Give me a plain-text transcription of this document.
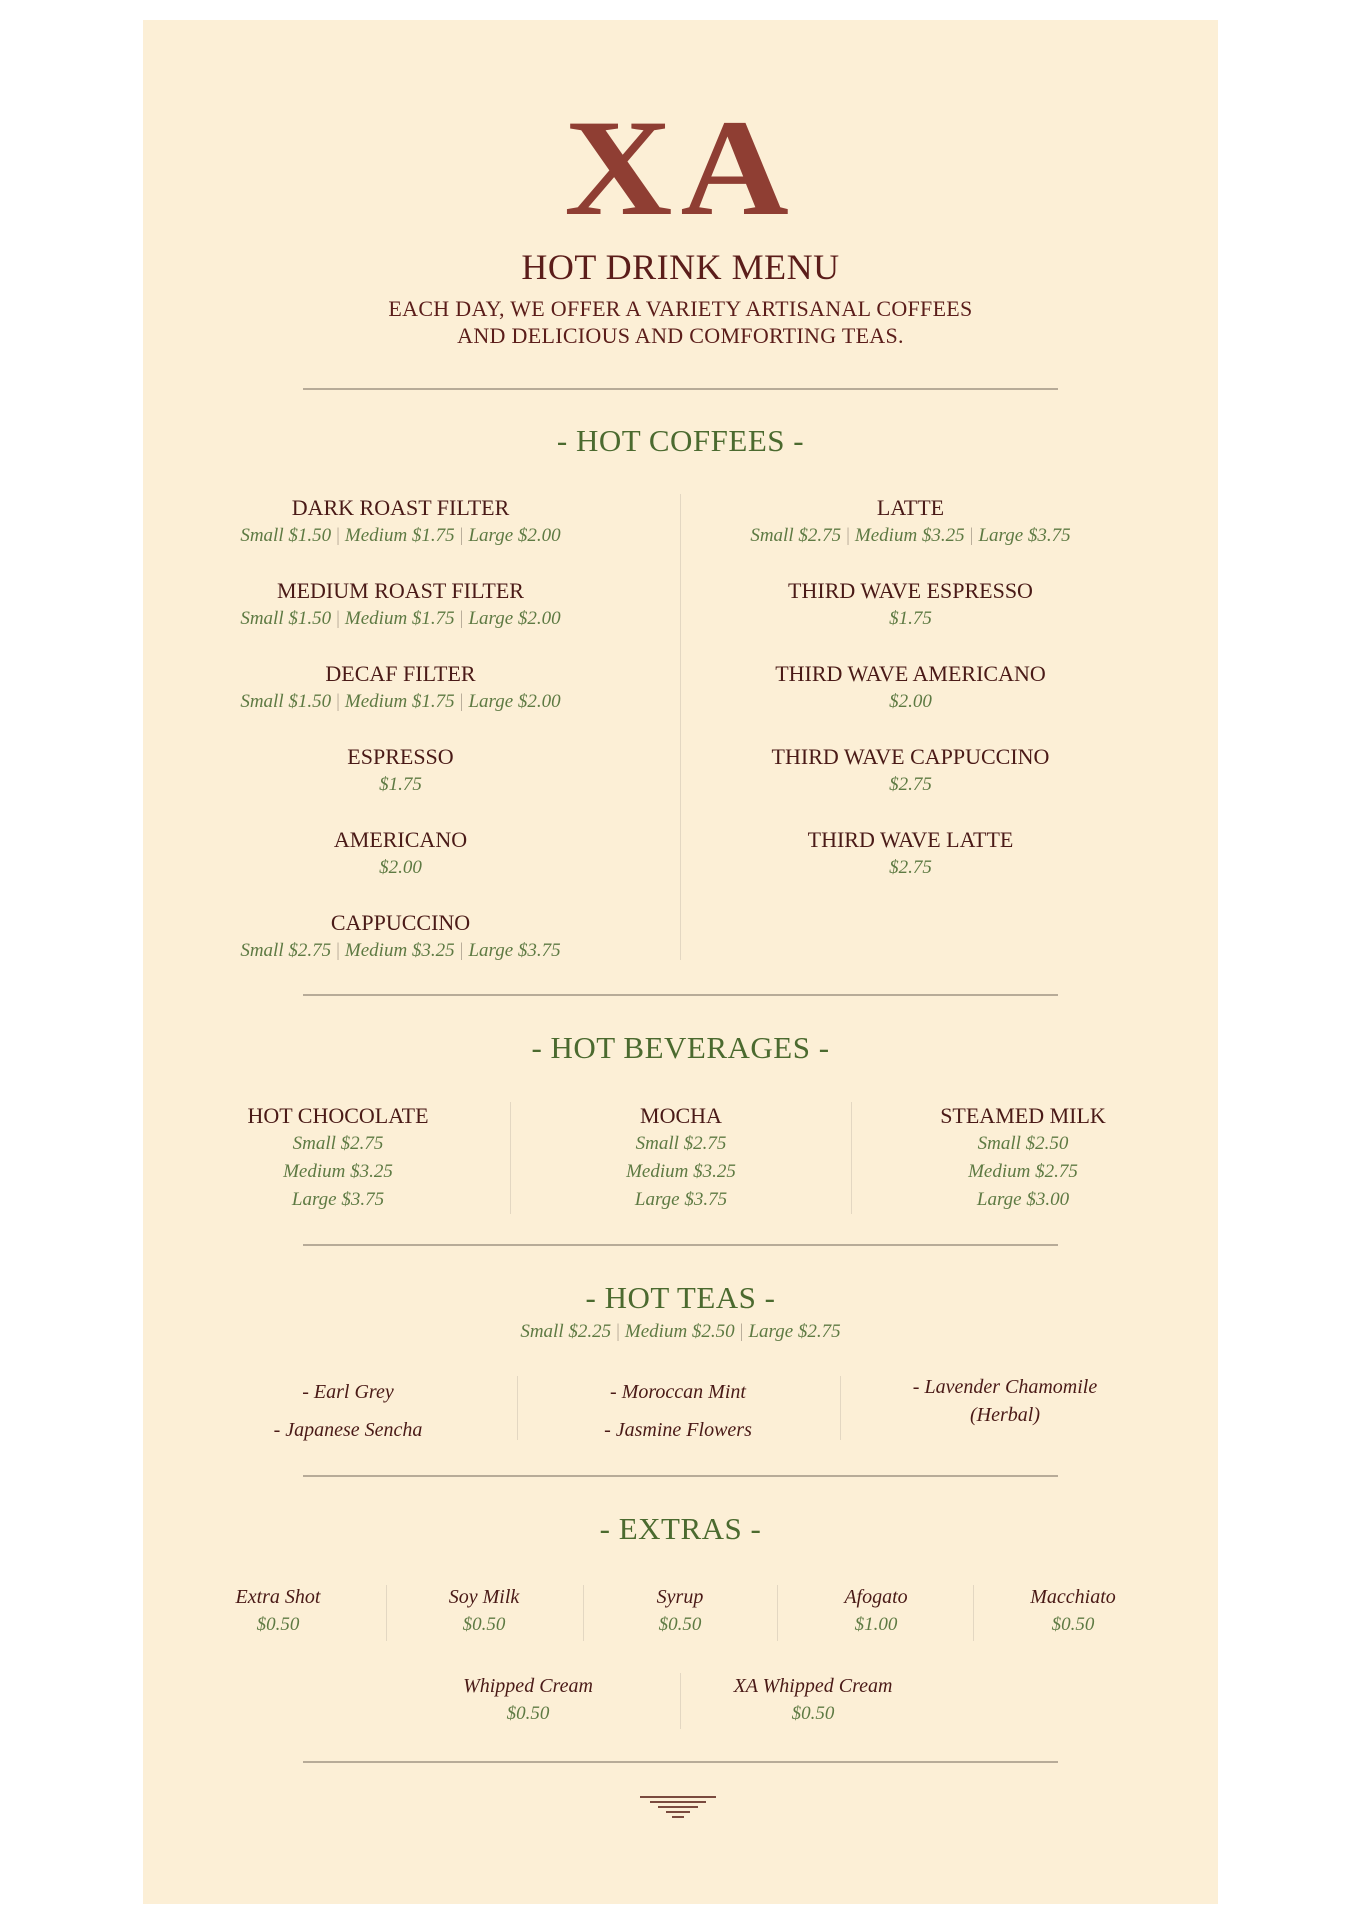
XA
HOT DRINK MENU
EACH DAY, WE OFFER A VARIETY ARTISANAL COFFEES
AND DELICIOUS AND COMFORTING TEAS.
- HOT COFFEES -
DARK ROAST FILTER
Small $1.50 | Medium $1.75 | Large $2.00
MEDIUM ROAST FILTER
Small $1.50 | Medium $1.75 | Large $2.00
DECAF FILTER
Small $1.50 | Medium $1.75 | Large $2.00
ESPRESSO
$1.75
AMERICANO
$2.00
CAPPUCCINO
Small $2.75 | Medium $3.25 | Large $3.75
LATTE
Small $2.75 | Medium $3.25 | Large $3.75
THIRD WAVE ESPRESSO
$1.75
THIRD WAVE AMERICANO
$2.00
THIRD WAVE CAPPUCCINO
$2.75
THIRD WAVE LATTE
$2.75
- HOT BEVERAGES -
HOT CHOCOLATE
Small $2.75
Medium $3.25
Large $3.75
MOCHA
Small $2.75
Medium $3.25
Large $3.75
STEAMED MILK
Small $2.50
Medium $2.75
Large $3.00
- HOT TEAS -
Small $2.25 | Medium $2.50 | Large $2.75
- Earl Grey
- Japanese Sencha
- Moroccan Mint
- Jasmine Flowers
- Lavender Chamomile
(Herbal)
- EXTRAS -
Extra Shot
$0.50
Soy Milk
$0.50
Syrup
$0.50
Afogato
$1.00
Macchiato
$0.50
Whipped Cream
$0.50
XA Whipped Cream
$0.50
